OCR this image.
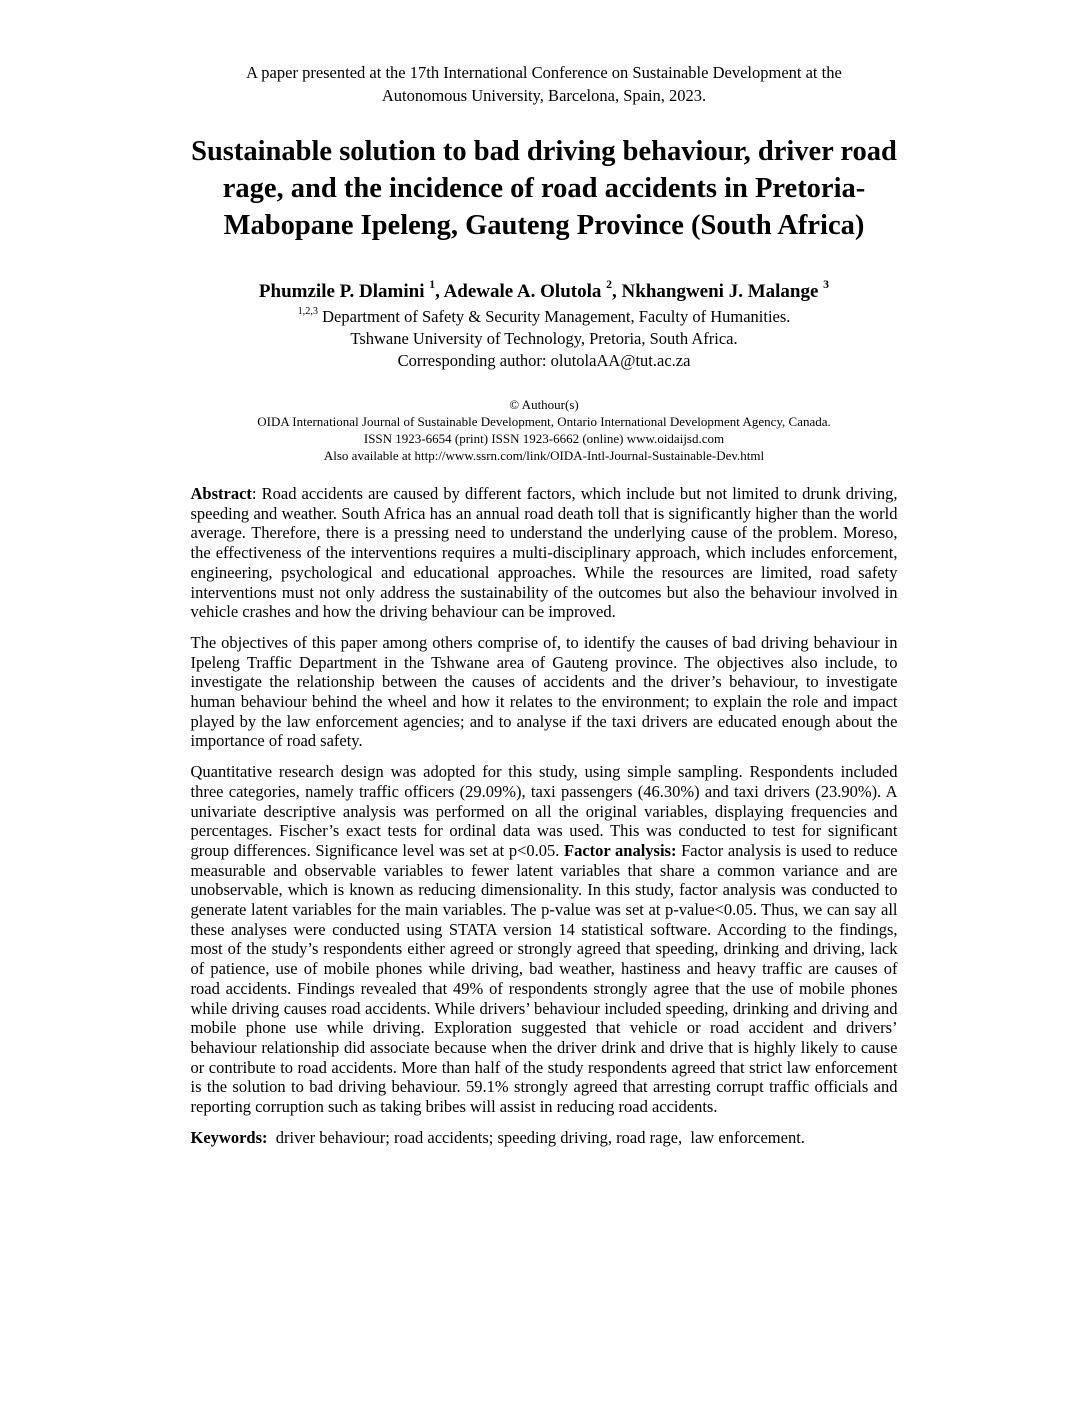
A paper presented at the 17th International Conference on Sustainable Development at the
Autonomous University, Barcelona, Spain, 2023.
Sustainable solution to bad driving behaviour, driver road
rage, and the incidence of road accidents in Pretoria-
Mabopane Ipeleng, Gauteng Province (South Africa)
Phumzile P. Dlamini $^1$, Adewale A. Olutola $^2$, Nkhangweni J. Malange $^3$
$^{1,2,3}$ Department of Safety & Security Management, Faculty of Humanities.
Tshwane University of Technology, Pretoria, South Africa.
Corresponding author: olutolaAA@tut.ac.za
© Authour(s)
OIDA International Journal of Sustainable Development, Ontario International Development Agency, Canada.
ISSN 1923-6654 (print) ISSN 1923-6662 (online) www.oidaijsd.com
Also available at http://www.ssrn.com/link/OIDA-Intl-Journal-Sustainable-Dev.html

Abstract: Road accidents are caused by different factors, which include but not limited to drunk driving, speeding and weather. South Africa has an annual road death toll that is significantly higher than the world average. Therefore, there is a pressing need to understand the underlying cause of the problem. Moreso, the effectiveness of the interventions requires a multi-disciplinary approach, which includes enforcement, engineering, psychological and educational approaches. While the resources are limited, road safety interventions must not only address the sustainability of the outcomes but also the behaviour involved in vehicle crashes and how the driving behaviour can be improved.

The objectives of this paper among others comprise of, to identify the causes of bad driving behaviour in Ipeleng Traffic Department in the Tshwane area of Gauteng province. The objectives also include, to investigate the relationship between the causes of accidents and the driver’s behaviour, to investigate human behaviour behind the wheel and how it relates to the environment; to explain the role and impact played by the law enforcement agencies; and to analyse if the taxi drivers are educated enough about the importance of road safety.

Quantitative research design was adopted for this study, using simple sampling. Respondents included three categories, namely traffic officers (29.09%), taxi passengers (46.30%) and taxi drivers (23.90%). A univariate descriptive analysis was performed on all the original variables, displaying frequencies and percentages. Fischer’s exact tests for ordinal data was used. This was conducted to test for significant group differences. Significance level was set at p<0.05. Factor analysis: Factor analysis is used to reduce measurable and observable variables to fewer latent variables that share a common variance and are unobservable, which is known as reducing dimensionality. In this study, factor analysis was conducted to generate latent variables for the main variables. The p-value was set at p-value<0.05. Thus, we can say all these analyses were conducted using STATA version 14 statistical software. According to the findings, most of the study’s respondents either agreed or strongly agreed that speeding, drinking and driving, lack of patience, use of mobile phones while driving, bad weather, hastiness and heavy traffic are causes of road accidents. Findings revealed that 49% of respondents strongly agree that the use of mobile phones while driving causes road accidents. While drivers’ behaviour included speeding, drinking and driving and mobile phone use while driving. Exploration suggested that vehicle or road accident and drivers’ behaviour relationship did associate because when the driver drink and drive that is highly likely to cause or contribute to road accidents. More than half of the study respondents agreed that strict law enforcement is the solution to bad driving behaviour. 59.1% strongly agreed that arresting corrupt traffic officials and reporting corruption such as taking bribes will assist in reducing road accidents.

Keywords:  driver behaviour; road accidents; speeding driving, road rage,  law enforcement.
